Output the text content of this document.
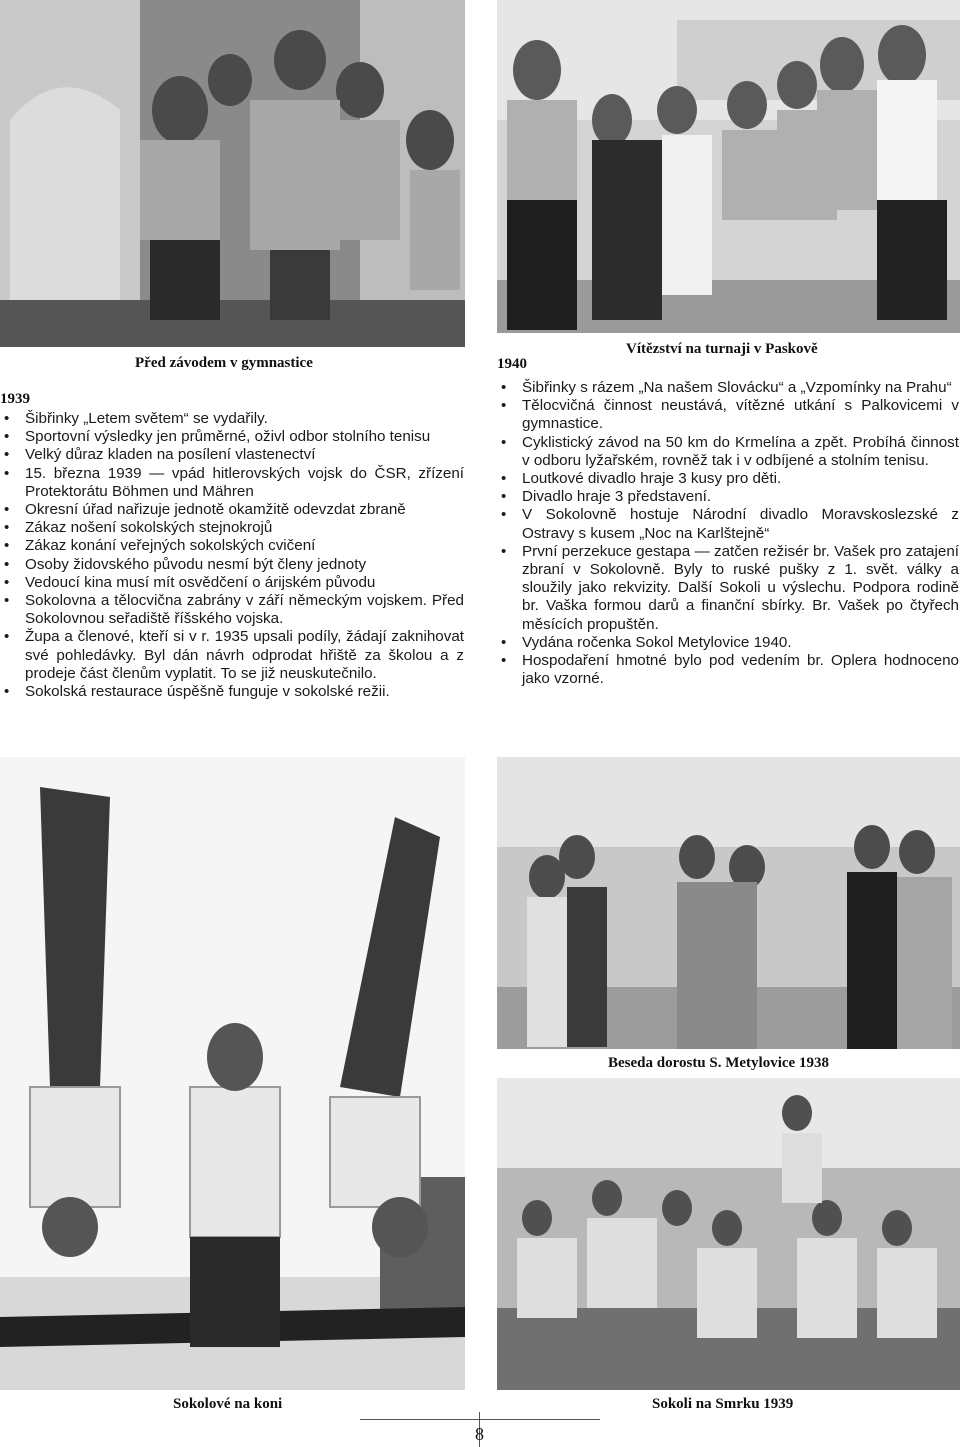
Před závodem v gymnastice
Vítězství na turnaji v Paskově
1939
• Šibřinky „Letem světem“ se vydařily.
• Sportovní výsledky jen průměrné, oživl odbor stolního tenisu
• Velký důraz kladen na posílení vlastenectví
• 15. března 1939 — vpád hitlerovských vojsk do ČSR, zřízení Protektorátu Böhmen und Mähren
• Okresní úřad nařizuje jednotě okamžitě odevzdat zbraně
• Zákaz nošení sokolských stejnokrojů
• Zákaz konání veřejných sokolských cvičení
• Osoby židovského původu nesmí být členy jednoty
• Vedoucí kina musí mít osvědčení o árijském původu
• Sokolovna a tělocvična zabrány v září německým vojskem. Před Sokolovnou seřadiště říšského vojska.
• Župa a členové, kteří si v r. 1935 upsali podíly, žádají zaknihovat své pohledávky. Byl dán návrh odprodat hřiště za školou a z prodeje část členům vyplatit. To se již neuskutečnilo.
• Sokolská restaurace úspěšně funguje v sokolské režii.
1940
• Šibřinky s rázem „Na našem Slovácku“ a „Vzpomínky na Prahu“
• Tělocvičná činnost neustává, vítězné utkání s Palkovicemi v gymnastice.
• Cyklistický závod na 50 km do Krmelína a zpět. Probíhá činnost v odboru lyžařském, rovněž tak i v odbíjené a stolním tenisu.
• Loutkové divadlo hraje 3 kusy pro děti.
• Divadlo hraje 3 představení.
• V Sokolovně hostuje Národní divadlo Moravskoslezské z Ostravy s kusem „Noc na Karlštejně“
• První perzekuce gestapa — zatčen režisér br. Vašek pro zatajení zbraní v Sokolovně. Byly to ruské pušky z 1. svět. války a sloužily jako rekvizity. Další Sokoli u výslechu. Podpora rodině br. Vaška formou darů a finanční sbírky. Br. Vašek po čtyřech měsících propuštěn.
• Vydána ročenka Sokol Metylovice 1940.
• Hospodaření hmotné bylo pod vedením br. Oplera hodnoceno jako vzorné.
Beseda dorostu S. Metylovice 1938
Sokolové na koni	Sokoli na Smrku 1939
8
